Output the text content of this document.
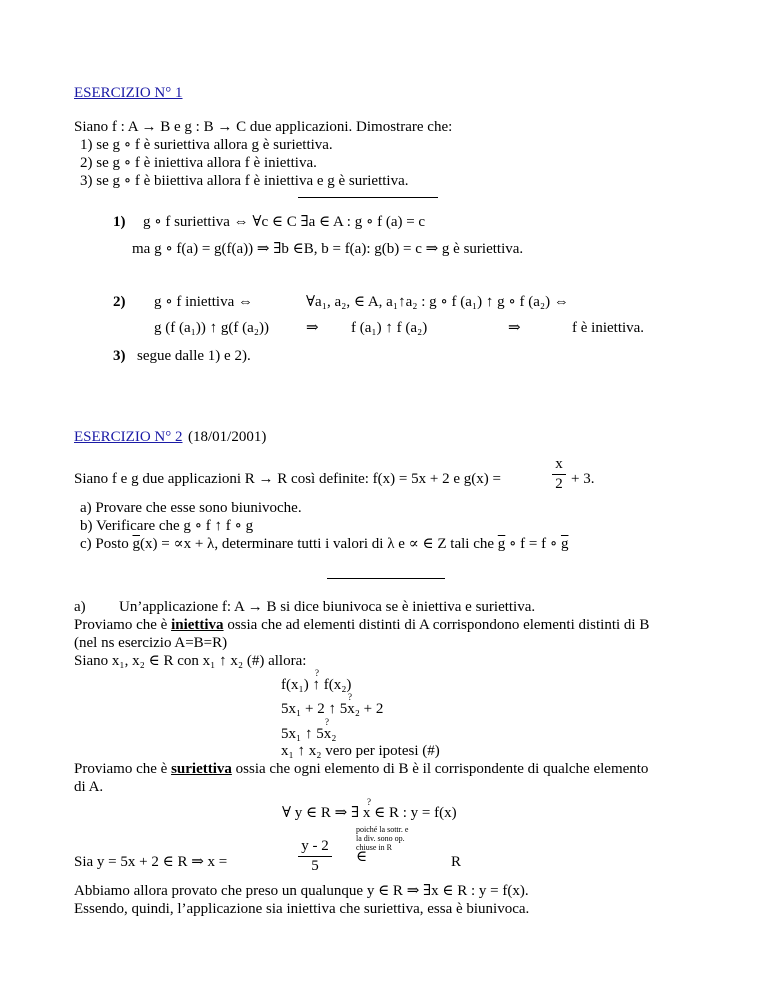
ESERCIZIO N° 1
Siano f : A → B e g : B → C due applicazioni. Dimostrare che:
1) se g ∘ f è suriettiva allora g è suriettiva.
2) se g ∘ f è iniettiva allora f è iniettiva.
3) se g ∘ f è biiettiva allora f è iniettiva e g è suriettiva.
1) g ∘ f suriettiva ⇔ ∀c ∈ C ∃a ∈ A : g ∘ f (a) = c
ma g ∘ f(a) = g(f(a)) ⇒ ∃b ∈B, b = f(a): g(b) = c ⇒ g è suriettiva.
2) g ∘ f iniettiva ⇔	∀a₁, a₂, ∈ A, a₁↑a₂ : g ∘ f (a₁) ↑ g ∘ f (a₂) ⇔
g (f (a₁)) ↑ g(f (a₂)) ⇒ f (a₁) ↑ f (a₂)	⇒	f è iniettiva.
3) segue dalle 1) e 2).
ESERCIZIO N° 2 (18/01/2001)
Siano f e g due applicazioni R → R così definite: f(x) = 5x + 2 e g(x) =
x
2 + 3.
a) Provare che esse sono biunivoche.
b) Verificare che g ∘ f ↑ f ∘ g
c) Posto $\overline{g}(x) = \propto x + \lambda$, determinare tutti i valori di λ e ∝ ∈ Z tali che $\overline{g}$ ∘ f = f ∘ $\overline{g}$
a) Un’applicazione f: A → B si dice biunivoca se è iniettiva e suriettiva.
Proviamo che è iniettiva ossia che ad elementi distinti di A corrispondono elementi distinti di B
(nel ns esercizio A=B=R)
Siano x₁, x₂ ∈ R con x₁ ↑ x₂ (#) allora:
?
f(x₁) ↑ f(x₂)
?
5x₁ + 2 ↑ 5x₂ + 2
?
5x₁ ↑ 5x₂
x₁ ↑ x₂ vero per ipotesi (#)
Proviamo che è suriettiva ossia che ogni elemento di B è il corrispondente di qualche elemento
di A.
?
∀ y ∈ R ⇒ ∃ x ∈ R : y = f(x)
poiché la sottr. e
la div. sono op.
chiuse in R
Sia y = 5x + 2 ∈ R ⇒ x =
y - 2
5
∈	R
Abbiamo allora provato che preso un qualunque y ∈ R ⇒ ∃x ∈ R : y = f(x).
Essendo, quindi, l’applicazione sia iniettiva che suriettiva, essa è biunivoca.
